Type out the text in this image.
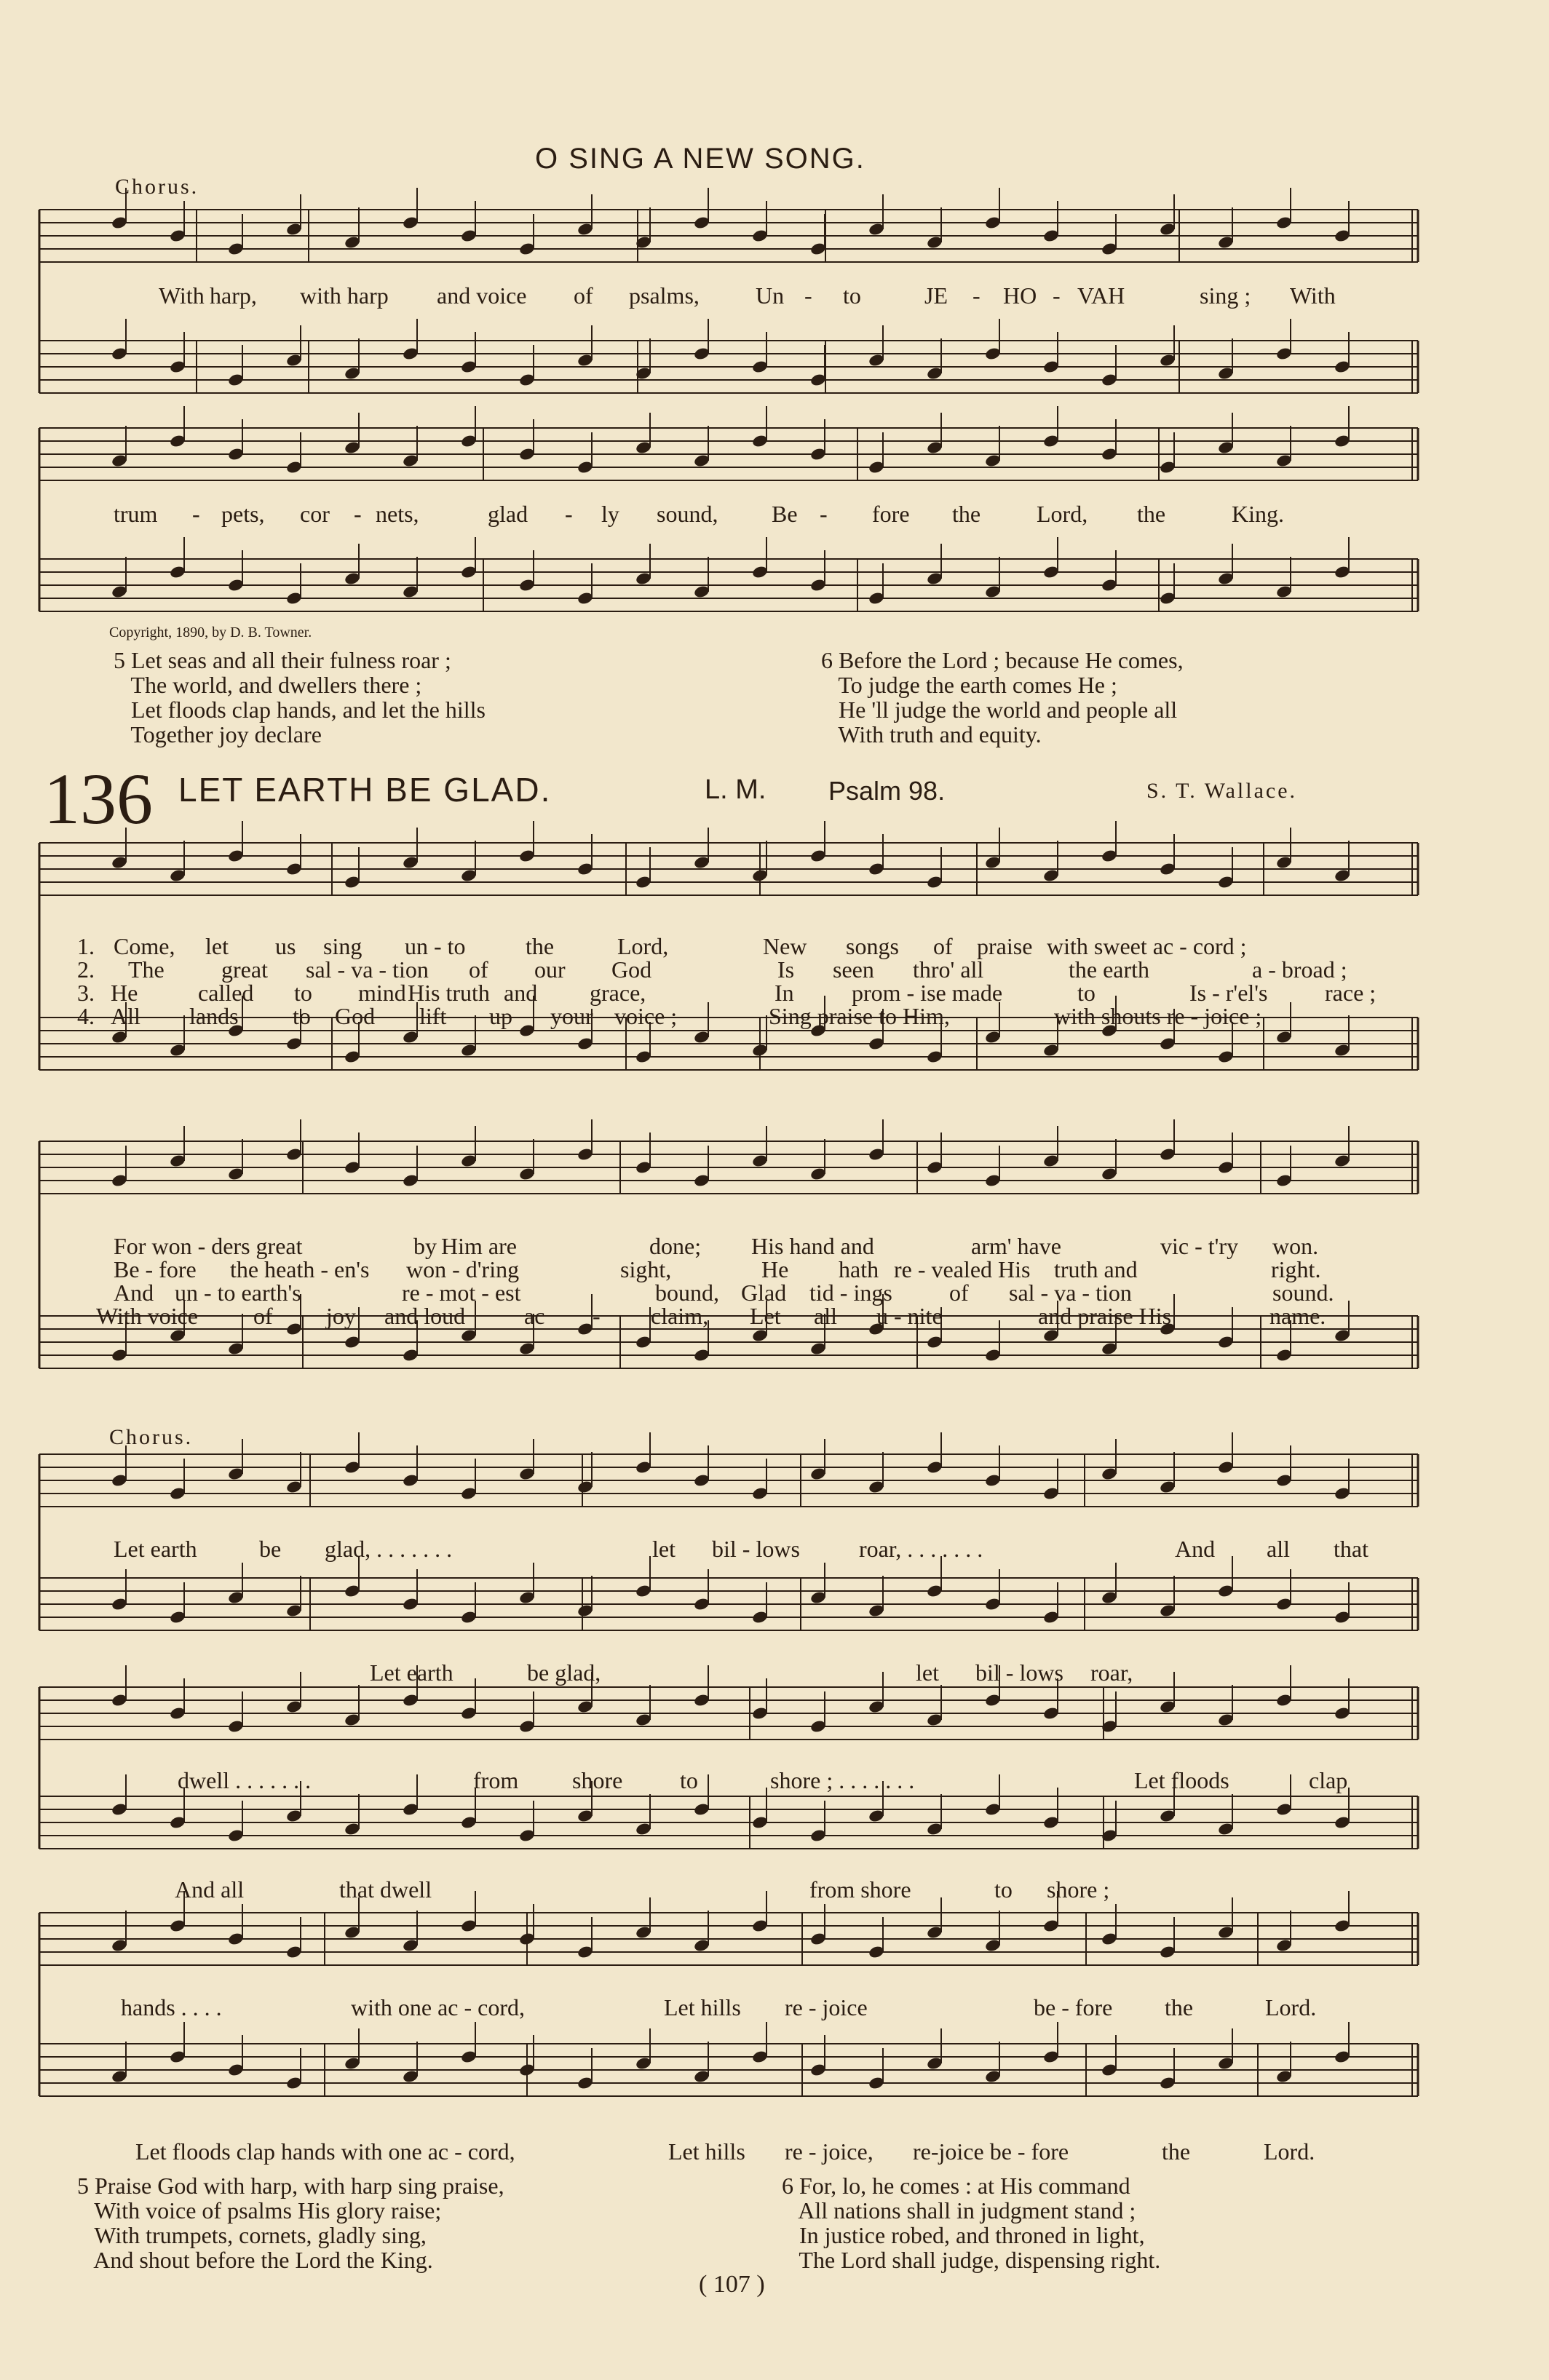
O SING A NEW SONG.
Chorus.
With harp, with harp and voice of psalms, Un - to	JE - HO - VAH	sing ; With
trum - pets, cor - nets,	glad - ly sound, Be - fore the Lord, the	King.
Copyright, 1890, by D. B. Towner.
5 Let seas and all their fulness roar ;
The world, and dwellers there ;
Let floods clap hands, and let the hills
Together joy declare
6 Before the Lord ; because He comes,
To judge the earth comes He ;
He 'll judge the world and people all
With truth and equity.
136 LET EARTH BE GLAD.	L. M. Psalm 98.	S. T. Wallace.
1. Come, let us sing un - to	the	Lord,	New songs of praise with sweet ac - cord ;
2. The great sal - va - tion of our God	Is seen thro' all	the earth	a - broad ;
3. He	called to mind His truth and grace,	In prom - ise made	to	Is - r'el's race ;
4. All lands to God lift up your voice ;	Sing praise to Him,	with shouts re - joice ;
For won - ders great	by Him are	done; His hand and	arm' have	vic - t'ry won.
Be - fore the heath - en's won - d'ring	sight,	He hath re - vealed His truth and	right.
And un - to earth's	re - mot - est	bound, Glad tid - ings of sal - va - tion	sound.
With voice of joy and loud	ac - claim, Let all u - nite	and praise His	name.
Chorus.
Let earth	be glad, . . . . . . .	let bil - lows	roar, . . . . . . .	And all that
Let earth	be glad,	let bil - lows roar,
dwell . . . . . . .	from shore to	shore ; . . . . . . .	Let floods	clap
And all	that dwell	from shore	to shore ;
hands . . . .	with one ac - cord,	Let hills re - joice	be - fore the	Lord.
Let floods clap hands with one ac - cord,	Let hills re - joice, re-joice be - fore	the	Lord.
5 Praise God with harp, with harp sing praise,
With voice of psalms His glory raise;
With trumpets, cornets, gladly sing,
And shout before the Lord the King.
6 For, lo, he comes : at His command
All nations shall in judgment stand ;
In justice robed, and throned in light,
The Lord shall judge, dispensing right.
( 107 )
